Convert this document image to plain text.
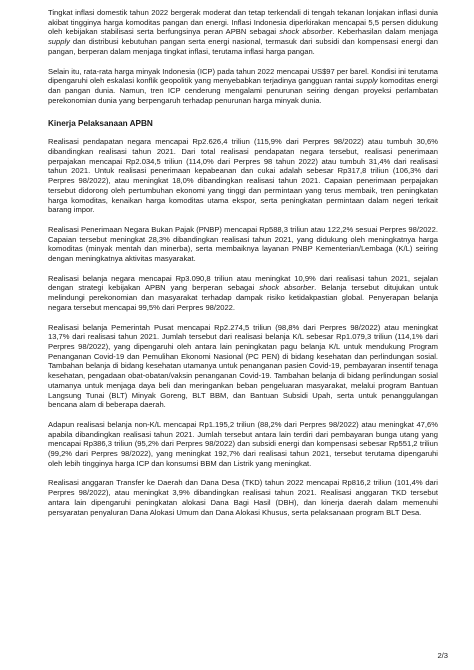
Tingkat inflasi domestik tahun 2022 bergerak moderat dan tetap terkendali di tengah tekanan lonjakan inflasi dunia akibat tingginya harga komoditas pangan dan energi. Inflasi Indonesia diperkirakan mencapai 5,5 persen didukung oleh kebijakan stabilisasi serta berfungsinya peran APBN sebagai shock absorber. Keberhasilan dalam menjaga supply dan distribusi kebutuhan pangan serta energi nasional, termasuk dari subsidi dan kompensasi energi dan pangan, berperan dalam menjaga tingkat inflasi, terutama inflasi harga pangan.

Selain itu, rata-rata harga minyak Indonesia (ICP) pada tahun 2022 mencapai US$97 per barel. Kondisi ini terutama dipengaruhi oleh eskalasi konflik geopolitik yang menyebabkan terjadinya gangguan rantai supply komoditas energi dan pangan dunia. Namun, tren ICP cenderung mengalami penurunan seiring dengan proyeksi perlambatan perekonomian dunia yang berpengaruh terhadap penurunan harga minyak dunia.

Kinerja Pelaksanaan APBN

Realisasi pendapatan negara mencapai Rp2.626,4 triliun (115,9% dari Perpres 98/2022) atau tumbuh 30,6% dibandingkan realisasi tahun 2021. Dari total realisasi pendapatan negara tersebut, realisasi penerimaan perpajakan mencapai Rp2.034,5 triliun (114,0% dari Perpres 98 tahun 2022) atau tumbuh 31,4% dari realisasi tahun 2021. Untuk realisasi penerimaan kepabeanan dan cukai adalah sebesar Rp317,8 triliun (106,3% dari Perpres 98/2022), atau meningkat 18,0% dibandingkan realisasi tahun 2021. Capaian penerimaan perpajakan tersebut didorong oleh pertumbuhan ekonomi yang tinggi dan permintaan yang terus membaik, tren peningkatan harga komoditas, kenaikan harga komoditas utama ekspor, serta peningkatan permintaan dalam negeri terkait barang impor.

Realisasi Penerimaan Negara Bukan Pajak (PNBP) mencapai Rp588,3 triliun atau 122,2% sesuai Perpres 98/2022. Capaian tersebut meningkat 28,3% dibandingkan realisasi tahun 2021, yang didukung oleh meningkatnya harga komoditas (minyak mentah dan minerba), serta membaiknya layanan PNBP Kementerian/Lembaga (K/L) seiring dengan meningkatnya aktivitas masyarakat.

Realisasi belanja negara mencapai Rp3.090,8 triliun atau meningkat 10,9% dari realisasi tahun 2021, sejalan dengan strategi kebijakan APBN yang berperan sebagai shock absorber. Belanja tersebut ditujukan untuk melindungi perekonomian dan masyarakat terhadap dampak risiko ketidakpastian global. Penyerapan belanja negara tersebut mencapai 99,5% dari Perpres 98/2022.

Realisasi belanja Pemerintah Pusat mencapai Rp2.274,5 triliun (98,8% dari Perpres 98/2022) atau meningkat 13,7% dari realisasi tahun 2021. Jumlah tersebut dari realisasi belanja K/L sebesar Rp1.079,3 triliun (114,1% dari Perpres 98/2022), yang dipengaruhi oleh antara lain peningkatan pagu belanja K/L untuk mendukung Program Penanganan Covid-19 dan Pemulihan Ekonomi Nasional (PC PEN) di bidang kesehatan dan perlindungan sosial. Tambahan belanja di bidang kesehatan utamanya untuk penanganan pasien Covid-19, pembayaran insentif tenaga kesehatan, pengadaan obat-obatan/vaksin penanganan Covid-19. Tambahan belanja di bidang perlindungan sosial utamanya untuk menjaga daya beli dan meringankan beban pengeluaran masyarakat, melalui program Bantuan Langsung Tunai (BLT) Minyak Goreng, BLT BBM, dan Bantuan Subsidi Upah, serta untuk penanggulangan bencana alam di beberapa daerah.

Adapun realisasi belanja non-K/L mencapai Rp1.195,2 triliun (88,2% dari Perpres 98/2022) atau meningkat 47,6% apabila dibandingkan realisasi tahun 2021. Jumlah tersebut antara lain terdiri dari pembayaran bunga utang yang mencapai Rp386,3 triliun (95,2% dari Perpres 98/2022) dan subsidi energi dan kompensasi sebesar Rp551,2 triliun (99,2% dari Perpres 98/2022), yang meningkat 192,7% dari realisasi tahun 2021, tersebut terutama dipengaruhi oleh lebih tingginya harga ICP dan konsumsi BBM dan Listrik yang meningkat.

Realisasi anggaran Transfer ke Daerah dan Dana Desa (TKD) tahun 2022 mencapai Rp816,2 triliun (101,4% dari Perpres 98/2022), atau meningkat 3,9% dibandingkan realisasi tahun 2021. Realisasi anggaran TKD tersebut antara lain dipengaruhi peningkatan alokasi Dana Bagi Hasil (DBH), dan kinerja daerah dalam memenuhi persyaratan penyaluran Dana Alokasi Umum dan Dana Alokasi Khusus, serta pelaksanaan program BLT Desa.

2/3
